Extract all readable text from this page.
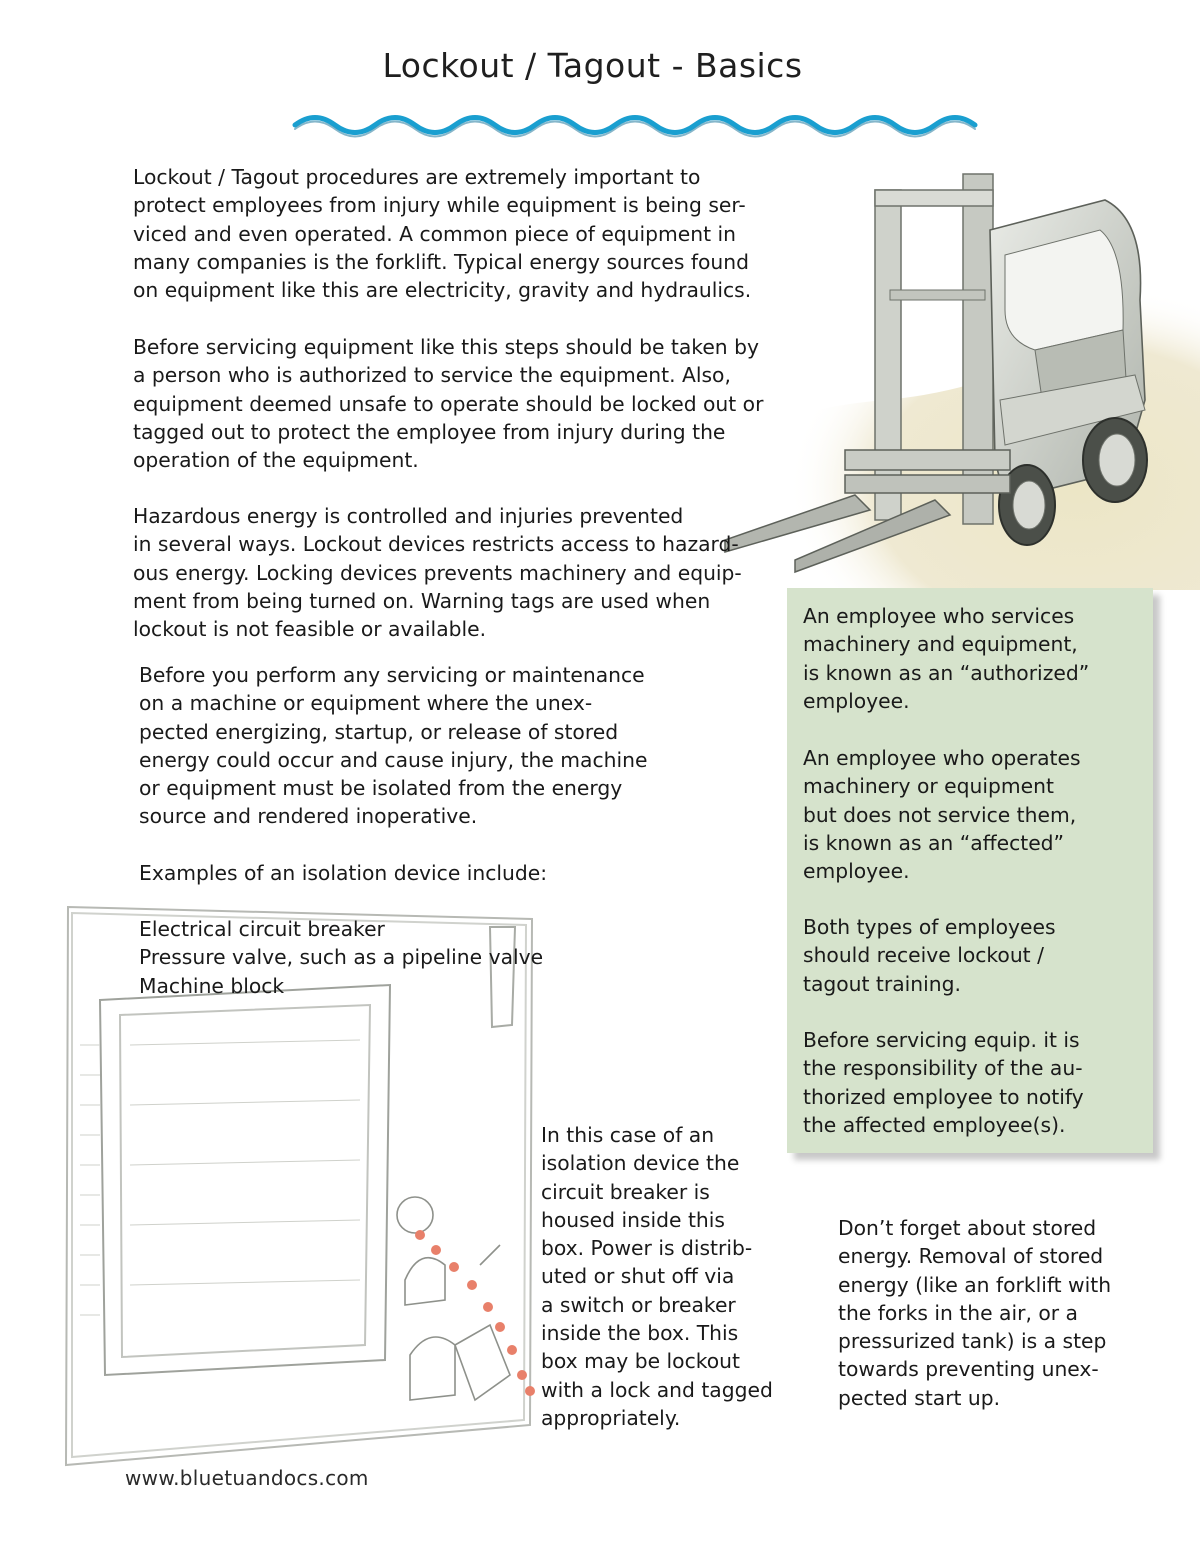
Lockout / Tagout - Basics
Lockout / Tagout procedures are extremely important to
protect employees from injury while equipment is being ser-
viced and even operated. A common piece of equipment in
many companies is the forklift. Typical energy sources found
on equipment like this are electricity, gravity and hydraulics.
Before servicing equipment like this steps should be taken by
a person who is authorized to service the equipment. Also,
equipment deemed unsafe to operate should be locked out or
tagged out to protect the employee from injury during the
operation of the equipment.
Hazardous energy is controlled and injuries prevented
in several ways. Lockout devices restricts access to hazard-
ous energy. Locking devices prevents machinery and equip-
ment from being turned on. Warning tags are used when
lockout is not feasible or available.
An employee who services
machinery and equipment,
is known as an “authorized”
employee.
An employee who operates
machinery or equipment
but does not service them,
is known as an “affected”
employee.
Both types of employees
should receive lockout /
tagout training.
Before servicing equip. it is
the responsibility of the au-
thorized employee to notify
the affected employee(s).
Before you perform any servicing or maintenance
on a machine or equipment where the unex-
pected energizing, startup, or release of stored
energy could occur and cause injury, the machine
or equipment must be isolated from the energy
source and rendered inoperative.
Examples of an isolation device include:
Electrical circuit breaker
Pressure valve, such as a pipeline valve
Machine block
In this case of an
isolation device the
circuit breaker is
housed inside this
box. Power is distrib-
uted or shut off via
a switch or breaker
inside the box. This
box may be lockout
with a lock and tagged
appropriately.
Don’t forget about stored
energy. Removal of stored
energy (like an forklift with
the forks in the air, or a
pressurized tank) is a step
towards preventing unex-
pected start up.
www.bluetuandocs.com
